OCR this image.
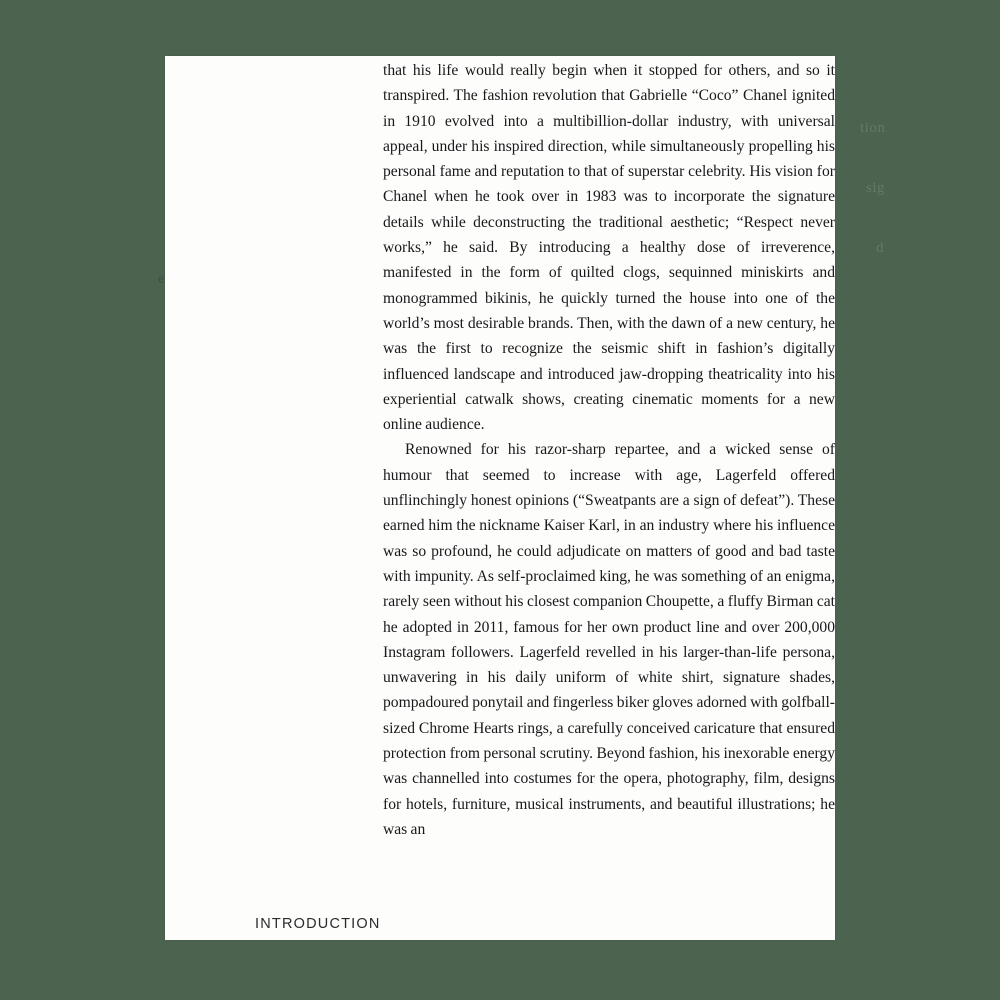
tion
sig
d

that his life would really begin when it stopped for others, and so it transpired. The fashion revolution that Gabrielle “Coco” Chanel ignited in 1910 evolved into a multibillion-dollar industry, with universal appeal, under his inspired direction, while simultaneously propelling his personal fame and reputation to that of superstar celebrity. His vision for Chanel when he took over in 1983 was to incorporate the signature details while deconstructing the traditional aesthetic; “Respect never works,” he said. By introducing a healthy dose of irreverence, manifested in the form of quilted clogs, sequinned miniskirts and monogrammed bikinis, he quickly turned the house into one of the world’s most desirable brands. Then, with the dawn of a new century, he was the first to recognize the seismic shift in fashion’s digitally influenced landscape and introduced jaw-dropping theatricality into his experiential catwalk shows, creating cinematic moments for a new online audience.

Renowned for his razor-sharp repartee, and a wicked sense of humour that seemed to increase with age, Lagerfeld offered unflinchingly honest opinions (“Sweatpants are a sign of defeat”). These earned him the nickname Kaiser Karl, in an industry where his influence was so profound, he could adjudicate on matters of good and bad taste with impunity. As self-proclaimed king, he was something of an enigma, rarely seen without his closest companion Choupette, a fluffy Birman cat he adopted in 2011, famous for her own product line and over 200,000 Instagram followers. Lagerfeld revelled in his larger-than-life persona, unwavering in his daily uniform of white shirt, signature shades, pompadoured ponytail and fingerless biker gloves adorned with golfball-sized Chrome Hearts rings, a carefully conceived caricature that ensured protection from personal scrutiny. Beyond fashion, his inexorable energy was channelled into costumes for the opera, photography, film, designs for hotels, furniture, musical instruments, and beautiful illustrations; he was an

INTRODUCTION
e
